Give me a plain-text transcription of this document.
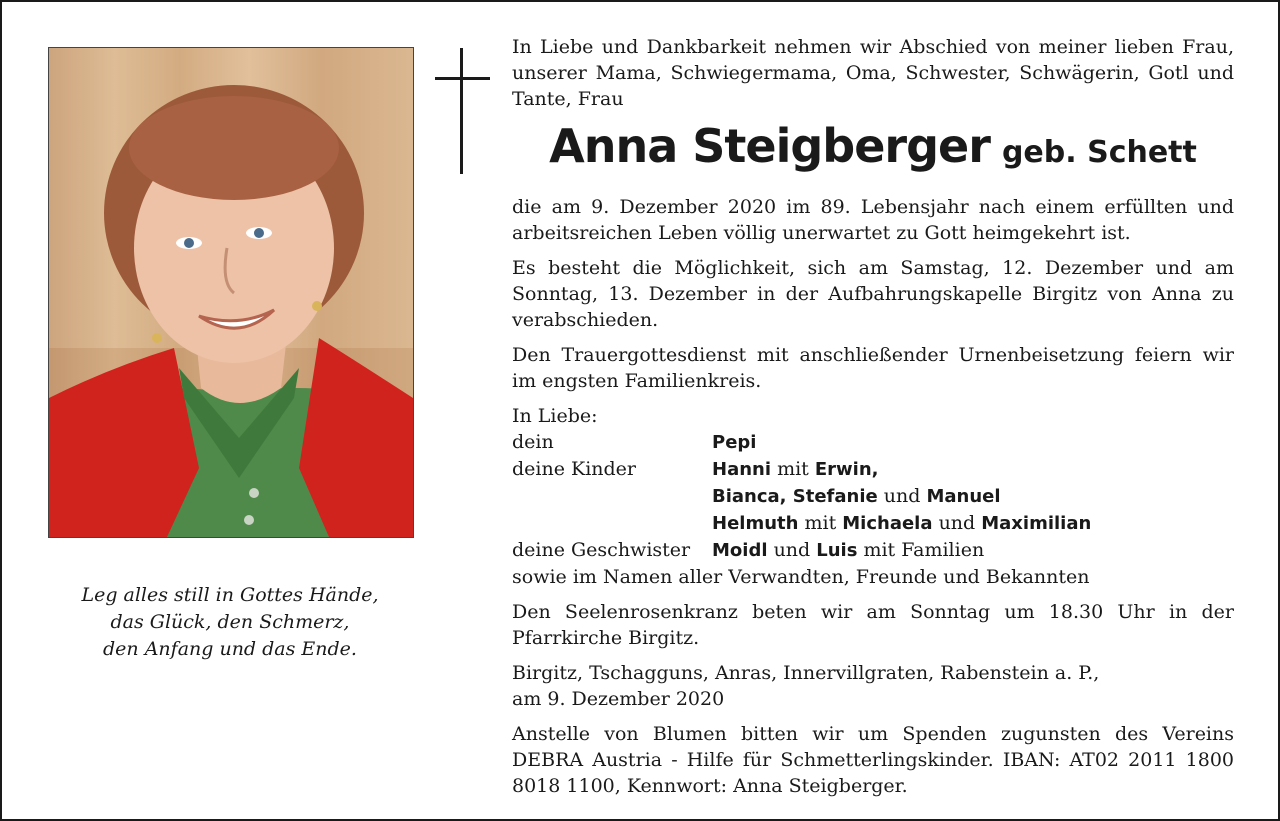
Leg alles still in Gottes Hände,
das Glück, den Schmerz,
den Anfang und das Ende.

In Liebe und Dankbarkeit nehmen wir Abschied von meiner lieben Frau, unserer Mama, Schwiegermama, Oma, Schwester, Schwägerin, Gotl und Tante, Frau

Anna Steigberger geb. Schett

die am 9. Dezember 2020 im 89. Lebensjahr nach einem erfüllten und arbeitsreichen Leben völlig unerwartet zu Gott heimgekehrt ist.

Es besteht die Möglichkeit, sich am Samstag, 12. Dezember und am Sonntag, 13. Dezember in der Aufbahrungskapelle Birgitz von Anna zu verabschieden.

Den Trauergottesdienst mit anschließender Urnenbeisetzung feiern wir im engsten Familienkreis.

In Liebe:
dein	Pepi
deine Kinder	Hanni mit Erwin,
Bianca, Stefanie und Manuel
Helmuth mit Michaela und Maximilian
deine Geschwister	Moidl und Luis mit Familien
sowie im Namen aller Verwandten, Freunde und Bekannten

Den Seelenrosenkranz beten wir am Sonntag um 18.30 Uhr in der Pfarrkirche Birgitz.

Birgitz, Tschagguns, Anras, Innervillgraten, Rabenstein a. P.,
am 9. Dezember 2020

Anstelle von Blumen bitten wir um Spenden zugunsten des Vereins DEBRA Austria - Hilfe für Schmetterlingskinder. IBAN: AT02 2011 1800 8018 1100, Kennwort: Anna Steigberger.
